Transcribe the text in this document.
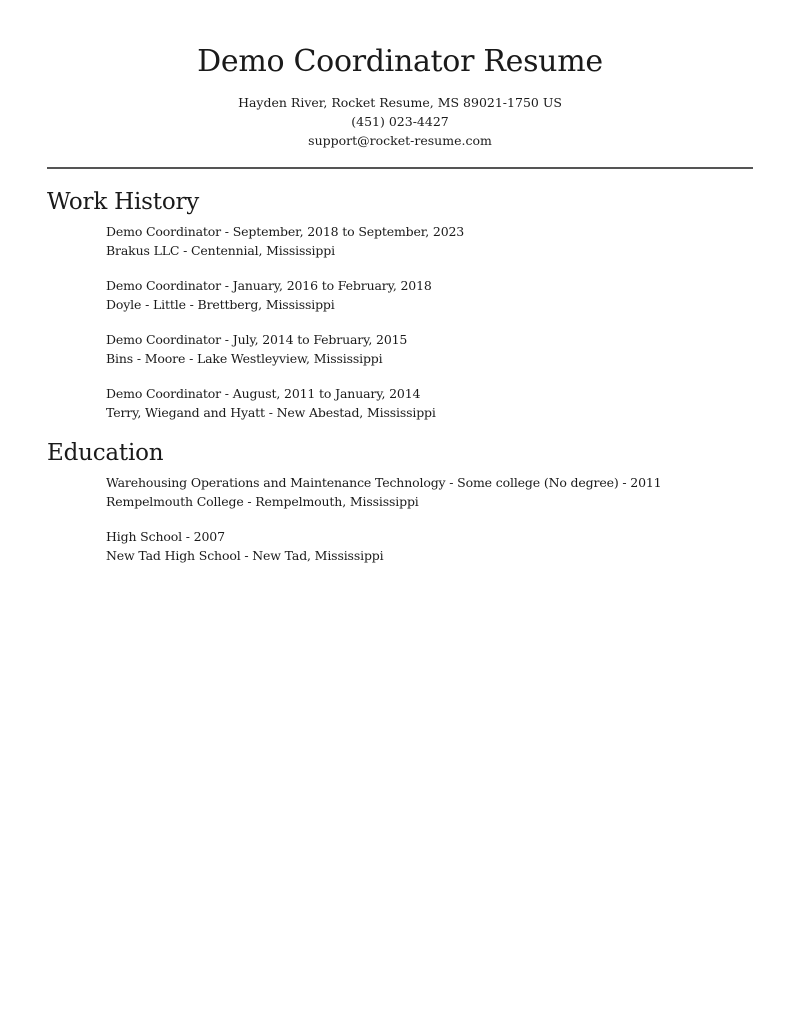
Demo Coordinator Resume
Hayden River, Rocket Resume, MS 89021-1750 US
(451) 023-4427
support@rocket-resume.com
Work History
Demo Coordinator - September, 2018 to September, 2023
Brakus LLC - Centennial, Mississippi
Demo Coordinator - January, 2016 to February, 2018
Doyle - Little - Brettberg, Mississippi
Demo Coordinator - July, 2014 to February, 2015
Bins - Moore - Lake Westleyview, Mississippi
Demo Coordinator - August, 2011 to January, 2014
Terry, Wiegand and Hyatt - New Abestad, Mississippi
Education
Warehousing Operations and Maintenance Technology - Some college (No degree) - 2011
Rempelmouth College - Rempelmouth, Mississippi
High School - 2007
New Tad High School - New Tad, Mississippi
